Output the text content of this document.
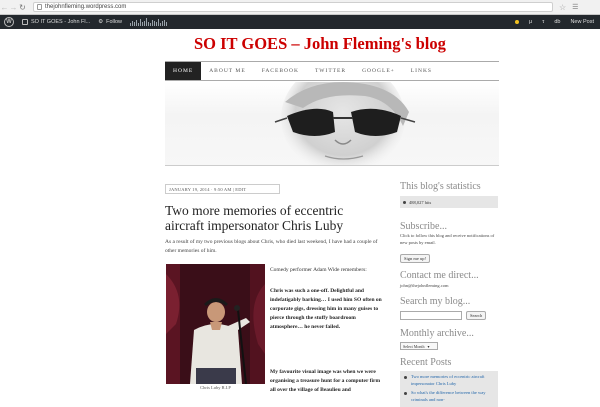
← → ↻	thejohnfleming.wordpress.com	☆ ☰
W	SO IT GOES - John Fl... ⚙ Follow	μ τ db New Post
SO IT GOES – John Fleming's blog
HOME	ABOUT ME	FACEBOOK	TWITTER	GOOGLE+	LINKS
JANUARY 19, 2014 · 9:50 AM | EDIT
Two more memories of eccentric aircraft impersonator Chris Luby
As a result of my two previous blogs about Chris, who died last weekend, I have had a couple of other memories of him.
Chris Luby R.I.P
Comedy performer Adam Wide remembers:
Chris was such a one-off. Delightful and indefatigably barking… I used him SO often on corporate gigs, dressing him in many guises to pierce through the stuffy boardroom atmosphere… he never failed.
My favourite visual image was when we were organising a treasure hunt for a computer firm all over the village of Beaulieu and
This blog's statistics
488,027 hits
Subscribe...
Click to follow this blog and receive notifications of new posts by email.
Sign me up!
Contact me direct...
john@thejohnfleming.com
Search my blog...
Search
Monthly archive...
Select Month ▾
Recent Posts
Two more memories of eccentric aircraft impersonator Chris Luby
So what's the difference between the way criminals and non-
